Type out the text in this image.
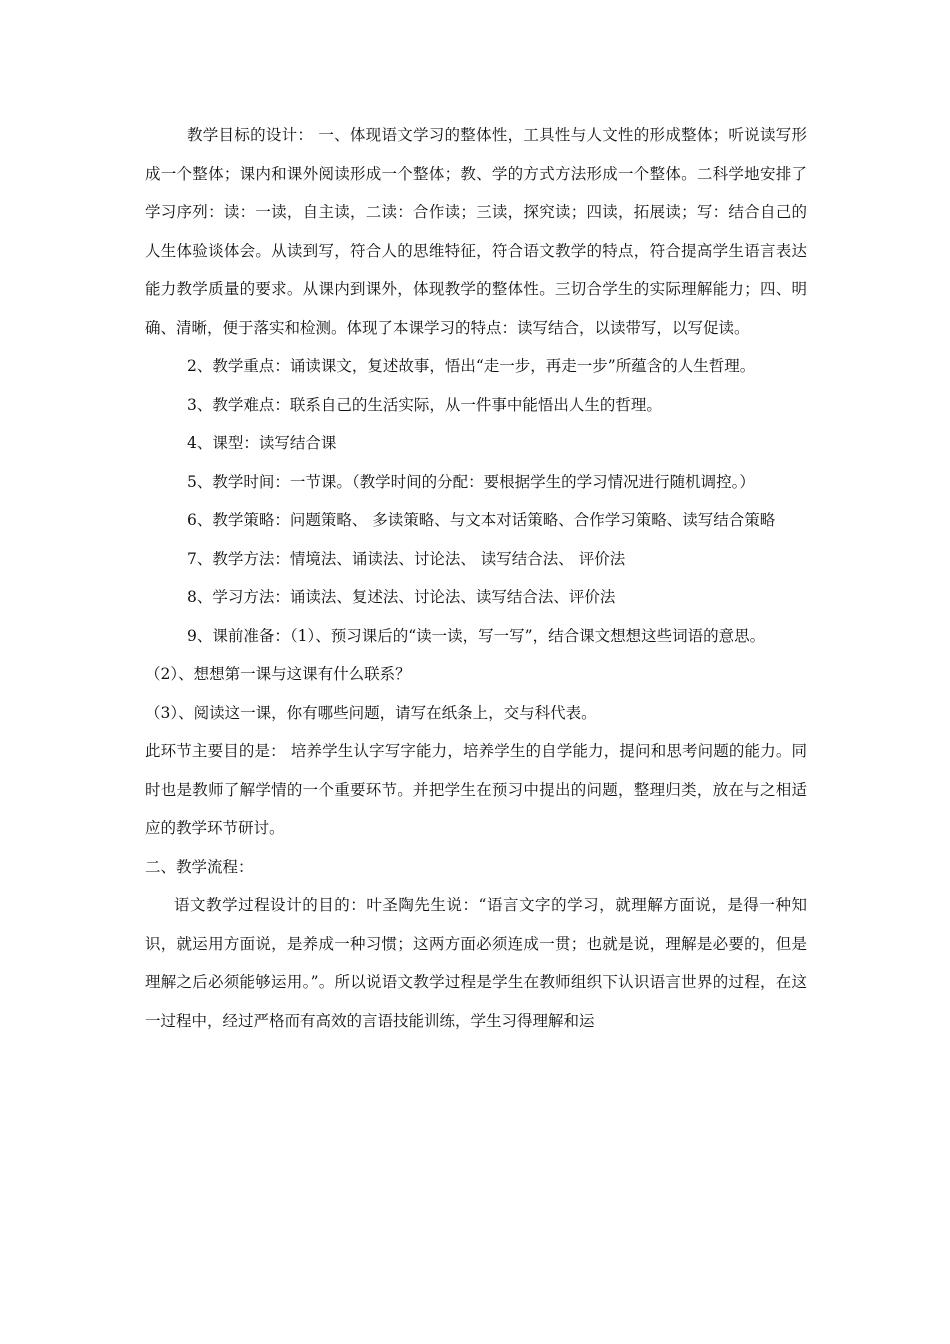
教学目标的设计： 一、体现语文学习的整体性，工具性与人文性的形成整体；听说读写形成一个整体；课内和课外阅读形成一个整体；教、学的方式方法形成一个整体。二科学地安排了学习序列：读：一读，自主读，二读：合作读；三读，探究读；四读，拓展读；写：结合自己的人生体验谈体会。从读到写，符合人的思维特征，符合语文教学的特点，符合提高学生语言表达能力教学质量的要求。从课内到课外，体现教学的整体性。三切合学生的实际理解能力；四、明确、清晰，便于落实和检测。体现了本课学习的特点：读写结合，以读带写，以写促读。

2、教学重点：诵读课文，复述故事，悟出“走一步，再走一步”所蕴含的人生哲理。

3、教学难点：联系自己的生活实际，从一件事中能悟出人生的哲理。

4、课型：读写结合课

5、教学时间：一节课。（教学时间的分配：要根据学生的学习情况进行随机调控。）

6、教学策略：问题策略、 多读策略、与文本对话策略、合作学习策略、读写结合策略

7、教学方法：情境法、诵读法、讨论法、 读写结合法、 评价法

8、学习方法：诵读法、复述法、讨论法、读写结合法、评价法

9、课前准备：（1）、预习课后的“读一读，写一写”，结合课文想想这些词语的意思。

（2）、想想第一课与这课有什么联系？

（3）、阅读这一课，你有哪些问题，请写在纸条上，交与科代表。

此环节主要目的是： 培养学生认字写字能力，培养学生的自学能力，提问和思考问题的能力。同时也是教师了解学情的一个重要环节。并把学生在预习中提出的问题，整理归类，放在与之相适应的教学环节研讨。

二、教学流程：

语文教学过程设计的目的：叶圣陶先生说：“语言文字的学习，就理解方面说，是得一种知识，就运用方面说，是养成一种习惯；这两方面必须连成一贯；也就是说，理解是必要的，但是理解之后必须能够运用。”。所以说语文教学过程是学生在教师组织下认识语言世界的过程，在这一过程中，经过严格而有高效的言语技能训练，学生习得理解和运
